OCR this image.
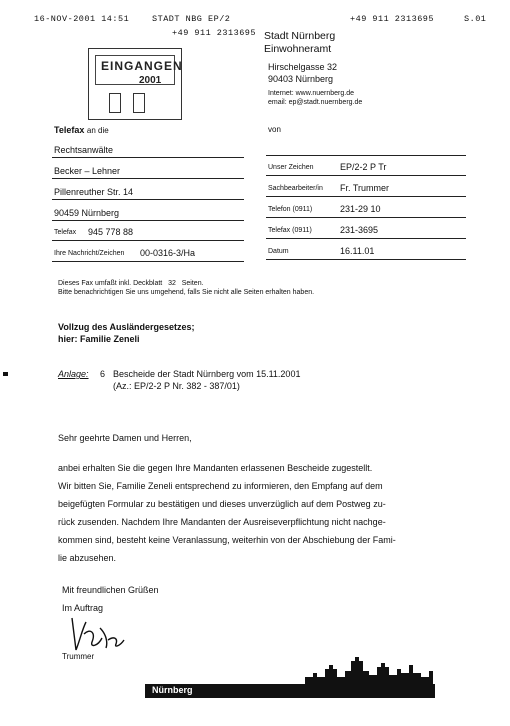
16-NOV-2001 14:51	STADT NBG EP/2	+49 911 2313695	S.01
+49 911 2313695
EINGANGEN
2001
Stadt Nürnberg
Einwohneramt
Hirschelgasse 32
90403 Nürnberg
Internet: www.nuernberg.de
email: ep@stadt.nuernberg.de
Telefax an die	von
Rechtsanwälte
Becker – Lehner
Pillenreuther Str. 14
90459 Nürnberg
Telefax 945 778 88
Ihre Nachricht/Zeichen 00-0316-3/Ha
Unser Zeichen	EP/2-2 P Tr
Sachbearbeiter/in Fr. Trummer
Telefon (0911)	231-29 10
Telefax (0911)	231-3695
Datum	16.11.01
Dieses Fax umfaßt inkl. Deckblatt 32 Seiten.
Bitte benachrichtigen Sie uns umgehend, falls Sie nicht alle Seiten erhalten haben.
Vollzug des Ausländergesetzes;
hier: Familie Zeneli
Anlage: 6 Bescheide der Stadt Nürnberg vom 15.11.2001
(Az.: EP/2-2 P Nr. 382 - 387/01)
Sehr geehrte Damen und Herren,
anbei erhalten Sie die gegen Ihre Mandanten erlassenen Bescheide zugestellt.
Wir bitten Sie, Familie Zeneli entsprechend zu informieren, den Empfang auf dem
beigefügten Formular zu bestätigen und dieses unverzüglich auf dem Postweg zu-
rück zusenden. Nachdem Ihre Mandanten der Ausreiseverpflichtung nicht nachge-
kommen sind, besteht keine Veranlassung, weiterhin von der Abschiebung der Fami-
lie abzusehen.
Mit freundlichen Grüßen
Im Auftrag
Trummer
Nürnberg
